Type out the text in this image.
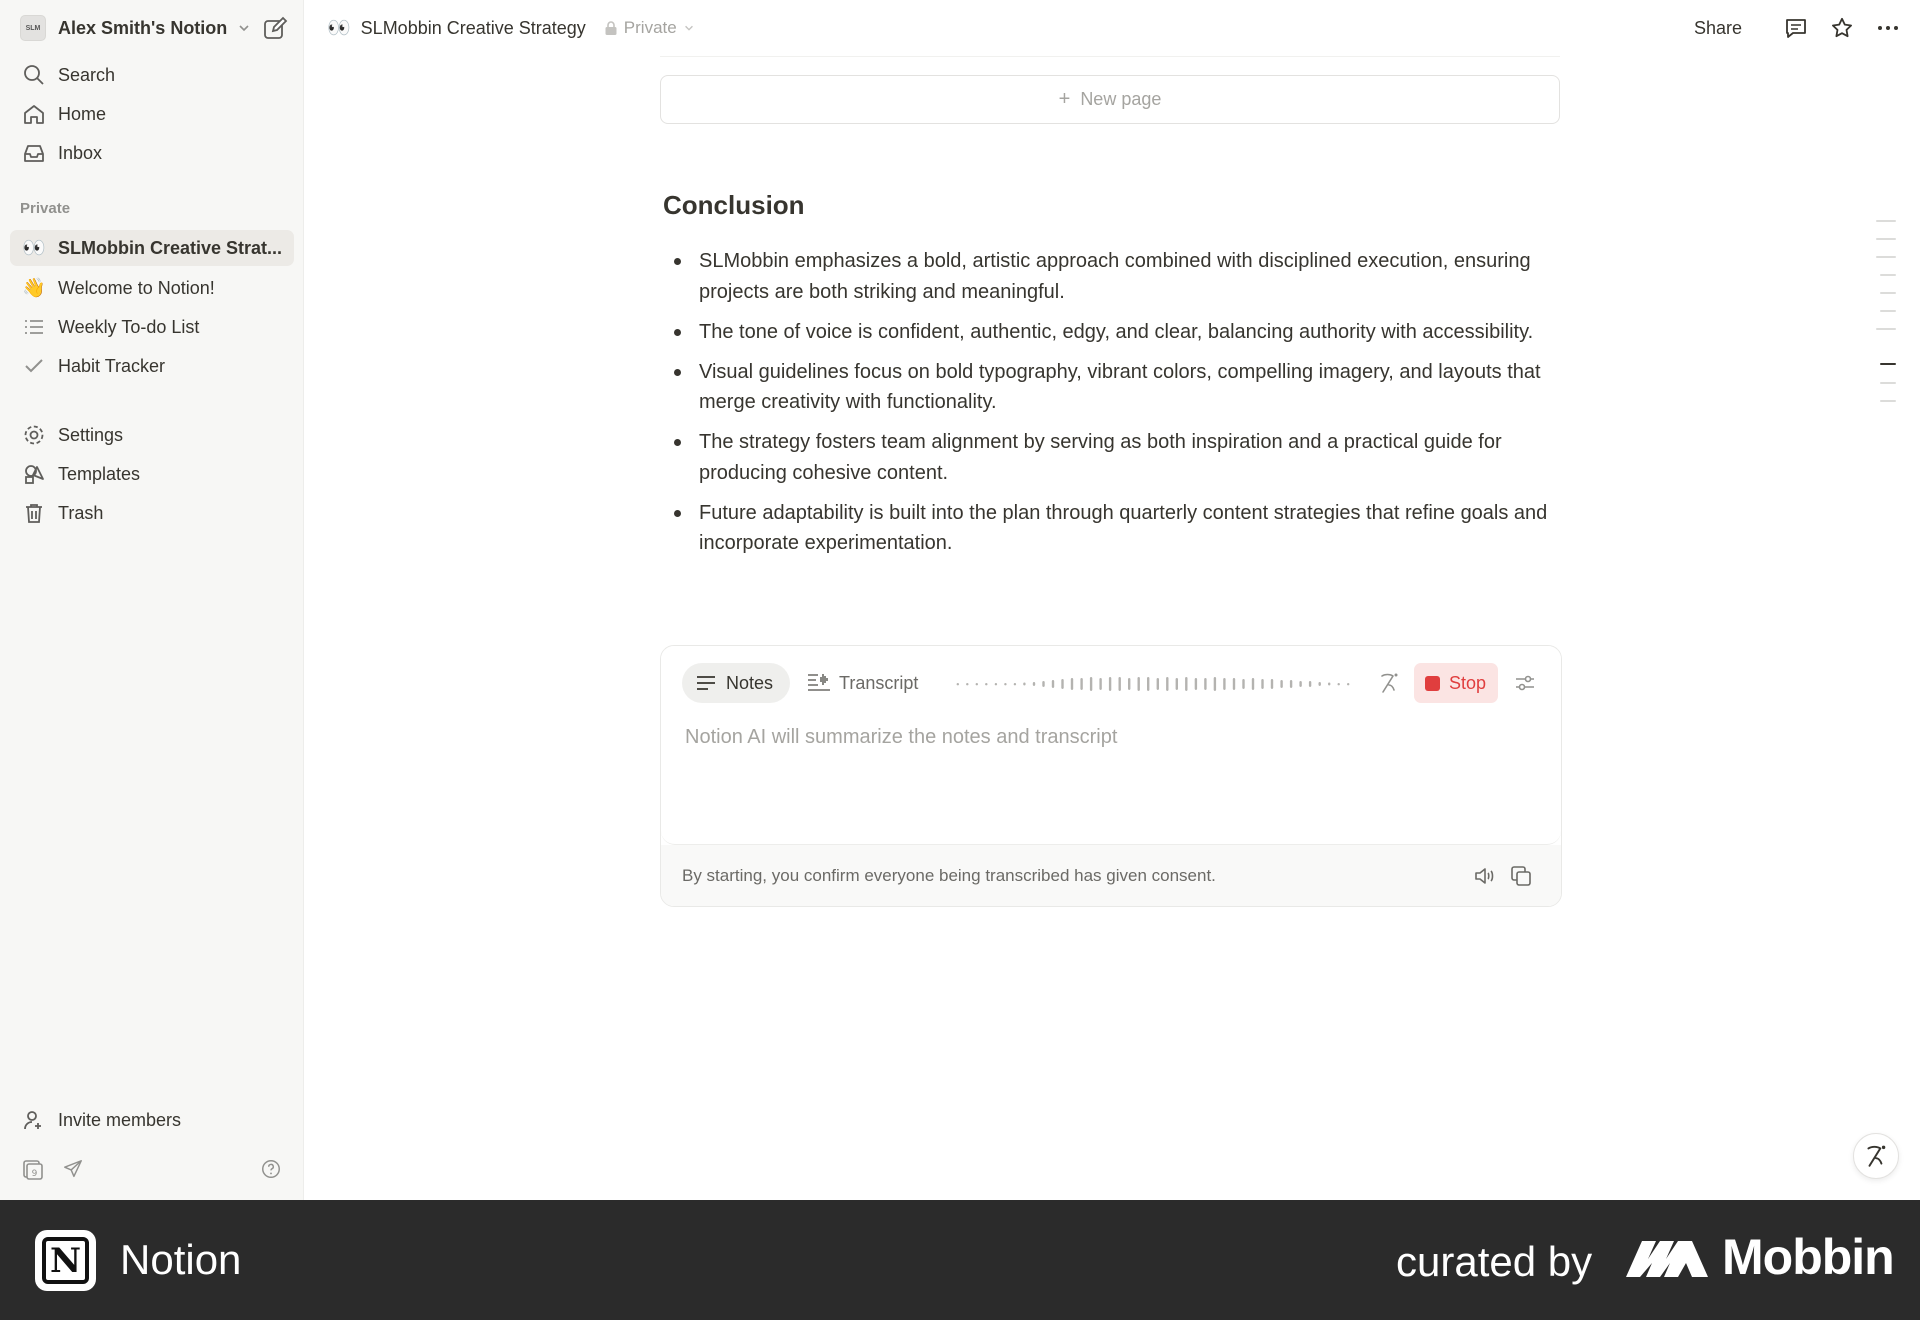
SLM Alex Smith's Notion
Search
Home
Inbox
Private
👀 SLMobbin Creative Strat...
👋 Welcome to Notion!
Weekly To-do List
Habit Tracker
Settings
Templates
Trash
Invite members
9
👀 SLMobbin Creative Strategy Private	Share
+ New page
Conclusion
SLMobbin emphasizes a bold, artistic approach combined with disciplined execution, ensuring projects are both striking and meaningful.
The tone of voice is confident, authentic, edgy, and clear, balancing authority with accessibility.
Visual guidelines focus on bold typography, vibrant colors, compelling imagery, and layouts that merge creativity with functionality.
The strategy fosters team alignment by serving as both inspiration and a practical guide for producing cohesive content.
Future adaptability is built into the plan through quarterly content strategies that refine goals and incorporate experimentation.
Notes	Transcript	Stop
Notion AI will summarize the notes and transcript
By starting, you confirm everyone being transcribed has given consent.
N Notion	curated by	Mobbin
